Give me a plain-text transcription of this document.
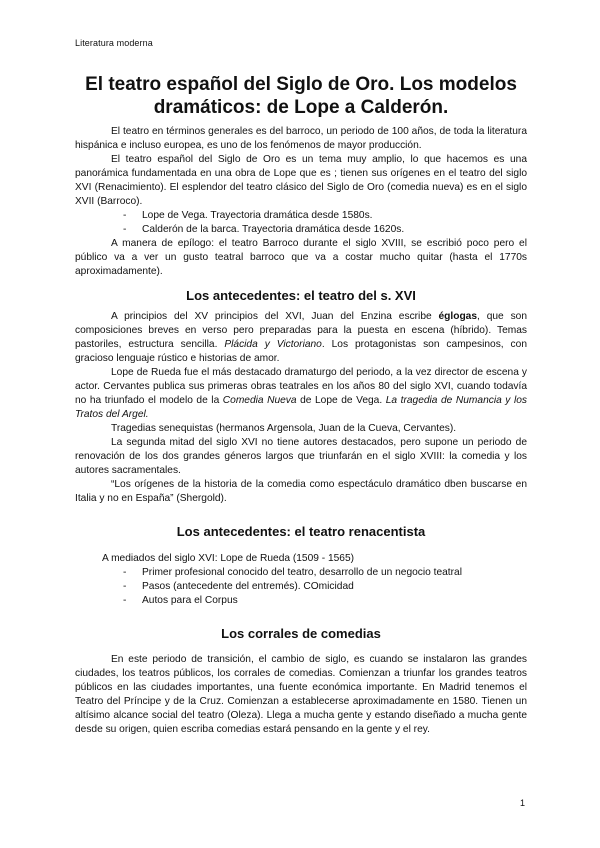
Literatura moderna
El teatro español del Siglo de Oro. Los modelos dramáticos: de Lope a Calderón.

El teatro en términos generales es del barroco, un periodo de 100 años, de toda la literatura hispánica e incluso europea, es uno de los fenómenos de mayor producción.

El teatro español del Siglo de Oro es un tema muy amplio, lo que hacemos es una panorámica fundamentada en una obra de Lope que es ; tienen sus orígenes en el teatro del siglo XVI (Renacimiento). El esplendor del teatro clásico del Siglo de Oro (comedia nueva) es en el siglo XVII (Barroco).

- Lope de Vega. Trayectoria dramática desde 1580s.
- Calderón de la barca. Trayectoria dramática desde 1620s.

A manera de epílogo: el teatro Barroco durante el siglo XVIII, se escribió poco pero el público va a ver un gusto teatral barroco que va a costar mucho quitar (hasta el 1770s aproximadamente).

Los antecedentes: el teatro del s. XVI

A principios del XV principios del XVI, Juan del Enzina escribe églogas, que son composiciones breves en verso pero preparadas para la puesta en escena (híbrido). Temas pastoriles, estructura sencilla. Plácida y Victoriano. Los protagonistas son campesinos, con gracioso lenguaje rústico e historias de amor.

Lope de Rueda fue el más destacado dramaturgo del periodo, a la vez director de escena y actor. Cervantes publica sus primeras obras teatrales en los años 80 del siglo XVI, cuando todavía no ha triunfado el modelo de la Comedia Nueva de Lope de Vega. La tragedia de Numancia y los Tratos del Argel.

Tragedias senequistas (hermanos Argensola, Juan de la Cueva, Cervantes).

La segunda mitad del siglo XVI no tiene autores destacados, pero supone un periodo de renovación de los dos grandes géneros largos que triunfarán en el siglo XVIII: la comedia y los autores sacramentales.

“Los orígenes de la historia de la comedia como espectáculo dramático dben buscarse en Italia y no en España” (Shergold).

Los antecedentes: el teatro renacentista

A mediados del siglo XVI: Lope de Rueda (1509 - 1565)

- Primer profesional conocido del teatro, desarrollo de un negocio teatral
- Pasos (antecedente del entremés). COmicidad
- Autos para el Corpus
Los corrales de comedias

En este periodo de transición, el cambio de siglo, es cuando se instalaron las grandes ciudades, los teatros públicos, los corrales de comedias. Comienzan a triunfar los grandes teatros públicos en las ciudades importantes, una fuente económica importante. En Madrid tenemos el Teatro del Príncipe y de la Cruz. Comienzan a establecerse aproximadamente en 1580. Tienen un altísimo alcance social del teatro (Oleza). Llega a mucha gente y estando diseñado a mucha gente desde su origen, quien escriba comedias estará pensando en la gente y el rey.

1
